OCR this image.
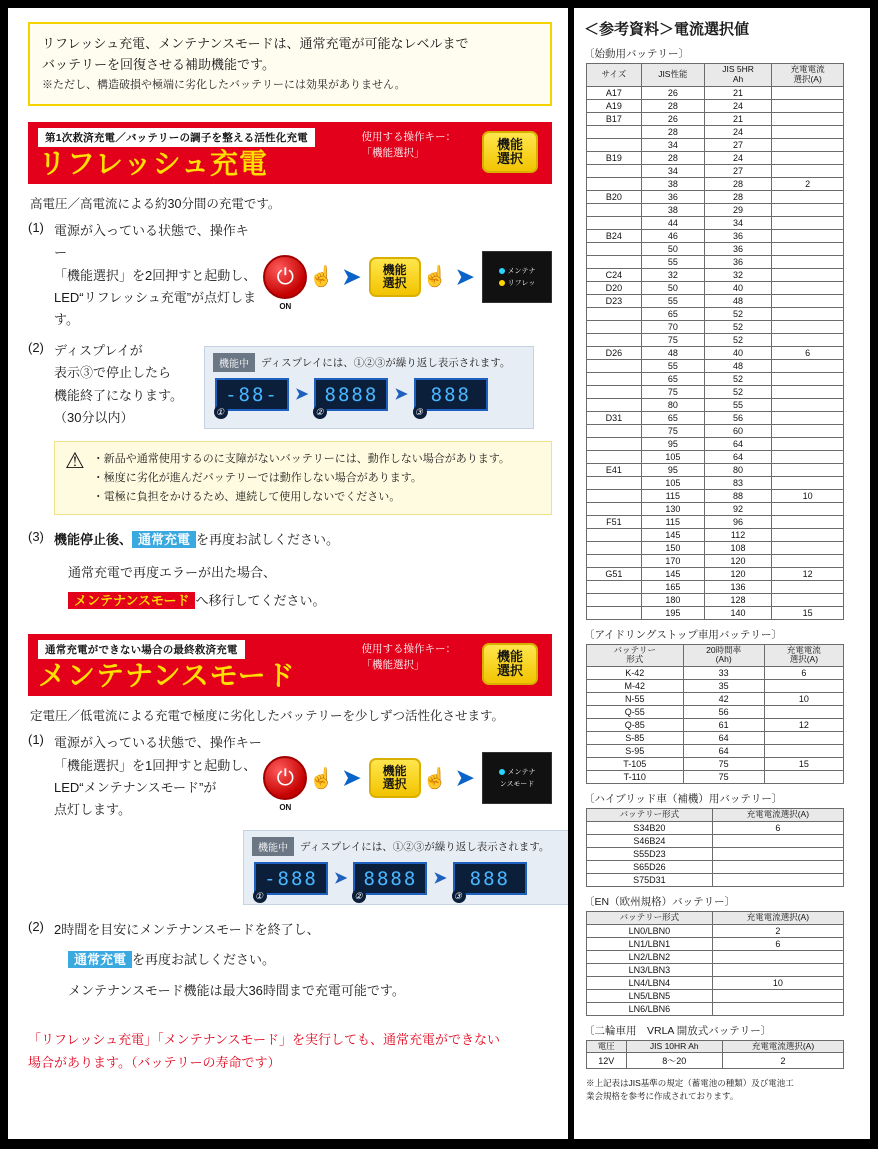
リフレッシュ充電、メンテナンスモードは、通常充電が可能なレベルまで
バッテリーを回復させる補助機能です。
※ただし、構造破損や極端に劣化したバッテリーには効果がありません。
第1次救済充電／バッテリーの調子を整える活性化充電
リフレッシュ充電
使用する操作キー：
「機能選択」
機能
選択
高電圧／高電流による約30分間の充電です。
(1) 電源が入っている状態で、操作キー
「機能選択」を2回押すと起動し、
LED“リフレッシュ充電”が点灯します。
⏻
ON
☝ ➤ 機能
選択 ☝ ➤	メンテナ
リフレッ
(2) ディスプレイが
表示③で停止したら
機能終了になります。
（30分以内）
機能中	ディスプレイには、①②③が繰り返し表示されます。
-88-
①
➤ 8888
②
➤	888
③
⚠ ・新品や通常使用するのに支障がないバッテリーには、動作しない場合があります。
・極度に劣化が進んだバッテリーでは動作しない場合があります。
・電極に負担をかけるため、連続して使用しないでください。
(3) 機能停止後、 通常充電 を再度お試しください。
通常充電で再度エラーが出た場合、
メンテナンスモード へ移行してください。
通常充電ができない場合の最終救済充電
メンテナンスモード
使用する操作キー：
「機能選択」
機能
選択
定電圧／低電流による充電で極度に劣化したバッテリーを少しずつ活性化させます。
(1) 電源が入っている状態で、操作キー
「機能選択」を1回押すと起動し、
LED“メンテナンスモード”が
点灯します。
⏻
ON
☝ ➤ 機能
選択 ☝ ➤	メンテナ
ンスモード
機能中	ディスプレイには、①②③が繰り返し表示されます。
-888
①
➤ 8888
②
➤	888
③
(2) 2時間を目安にメンテナンスモードを終了し、
通常充電 を再度お試しください。
メンテナンスモード機能は最大36時間まで充電可能です。
「リフレッシュ充電」「メンテナンスモード」を実行しても、通常充電ができない
場合があります。（バッテリーの寿命です）
＜参考資料＞電流選択値
〔始動用バッテリー〕
サイズ	JIS性能	JIS 5HR
Ah	充電電流
選択(A)
A17	26	21	
A19	28	24	
B17	26	21	
	28	24	
	34	27	
B19	28	24	
	34	27	
	38	28	2
B20	36	28	
	38	29	
	44	34	
B24	46	36	
	50	36	
	55	36	
C24	32	32	
D20	50	40	
D23	55	48	
	65	52	
	70	52	
	75	52	
D26	48	40	6
	55	48	
	65	52	
	75	52	
	80	55	
D31	65	56	
	75	60	
	95	64	
	105	64	
E41	95	80	
	105	83	
	115	88	10
	130	92	
F51	115	96	
	145	112	
	150	108	
	170	120	
G51	145	120	12
	165	136	
	180	128	
	195	140	15
〔アイドリングストップ車用バッテリー〕
バッテリー
形式	20時間率
(Ah)	充電電流
選択(A)
K-42	33	6
M-42	35	
N-55	42	10
Q-55	56	
Q-85	61	12
S-85	64	
S-95	64	
T-105	75	15
T-110	75	
〔ハイブリッド車（補機）用バッテリー〕
バッテリー形式	充電電流選択(A)
S34B20	6
S46B24	
S55D23	
S65D26	
S75D31	
〔EN（欧州規格）バッテリー〕
バッテリー形式	充電電流選択(A)
LN0/LBN0	2
LN1/LBN1	6
LN2/LBN2	
LN3/LBN3	
LN4/LBN4	10
LN5/LBN5	
LN6/LBN6	
〔二輪車用　VRLA 開放式バッテリー〕
電圧	JIS 10HR Ah	充電電流選択(A)
12V	8〜20	2
※上記表はJIS基準の規定（蓄電池の種類）及び電池工
業会規格を参考に作成されております。
